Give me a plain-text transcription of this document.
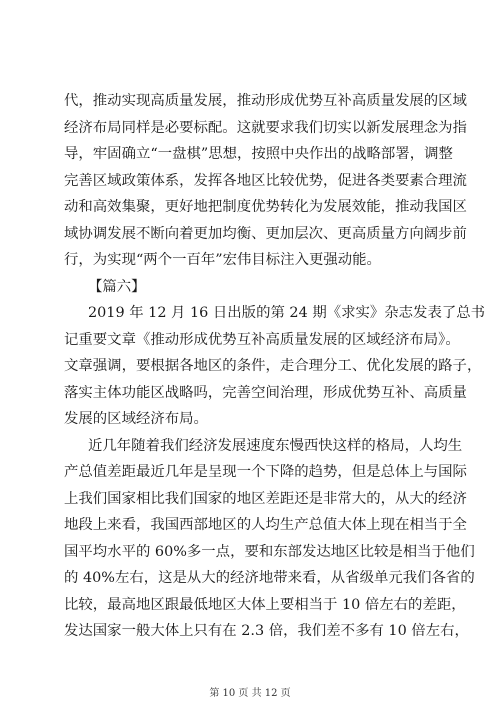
代，推动实现高质量发展，推动形成优势互补高质量发展的区域
经济布局同样是必要标配。这就要求我们切实以新发展理念为指
导，牢固确立“一盘棋”思想，按照中央作出的战略部署，调整
完善区域政策体系，发挥各地区比较优势，促进各类要素合理流
动和高效集聚，更好地把制度优势转化为发展效能，推动我国区
域协调发展不断向着更加均衡、更加层次、更高质量方向阔步前
行，为实现“两个一百年”宏伟目标注入更强动能。
【篇六】
2019 年 12 月 16 日出版的第 24 期《求实》杂志发表了总书
记重要文章《推动形成优势互补高质量发展的区域经济布局》。
文章强调，要根据各地区的条件，走合理分工、优化发展的路子，
落实主体功能区战略吗，完善空间治理，形成优势互补、高质量
发展的区域经济布局。
近几年随着我们经济发展速度东慢西快这样的格局，人均生
产总值差距最近几年是呈现一个下降的趋势，但是总体上与国际
上我们国家相比我们国家的地区差距还是非常大的，从大的经济
地段上来看，我国西部地区的人均生产总值大体上现在相当于全
国平均水平的 60%多一点，要和东部发达地区比较是相当于他们
的 40%左右，这是从大的经济地带来看，从省级单元我们各省的
比较，最高地区跟最低地区大体上要相当于 10 倍左右的差距，
发达国家一般大体上只有在 2.3 倍，我们差不多有 10 倍左右，
第 10 页 共 12 页
